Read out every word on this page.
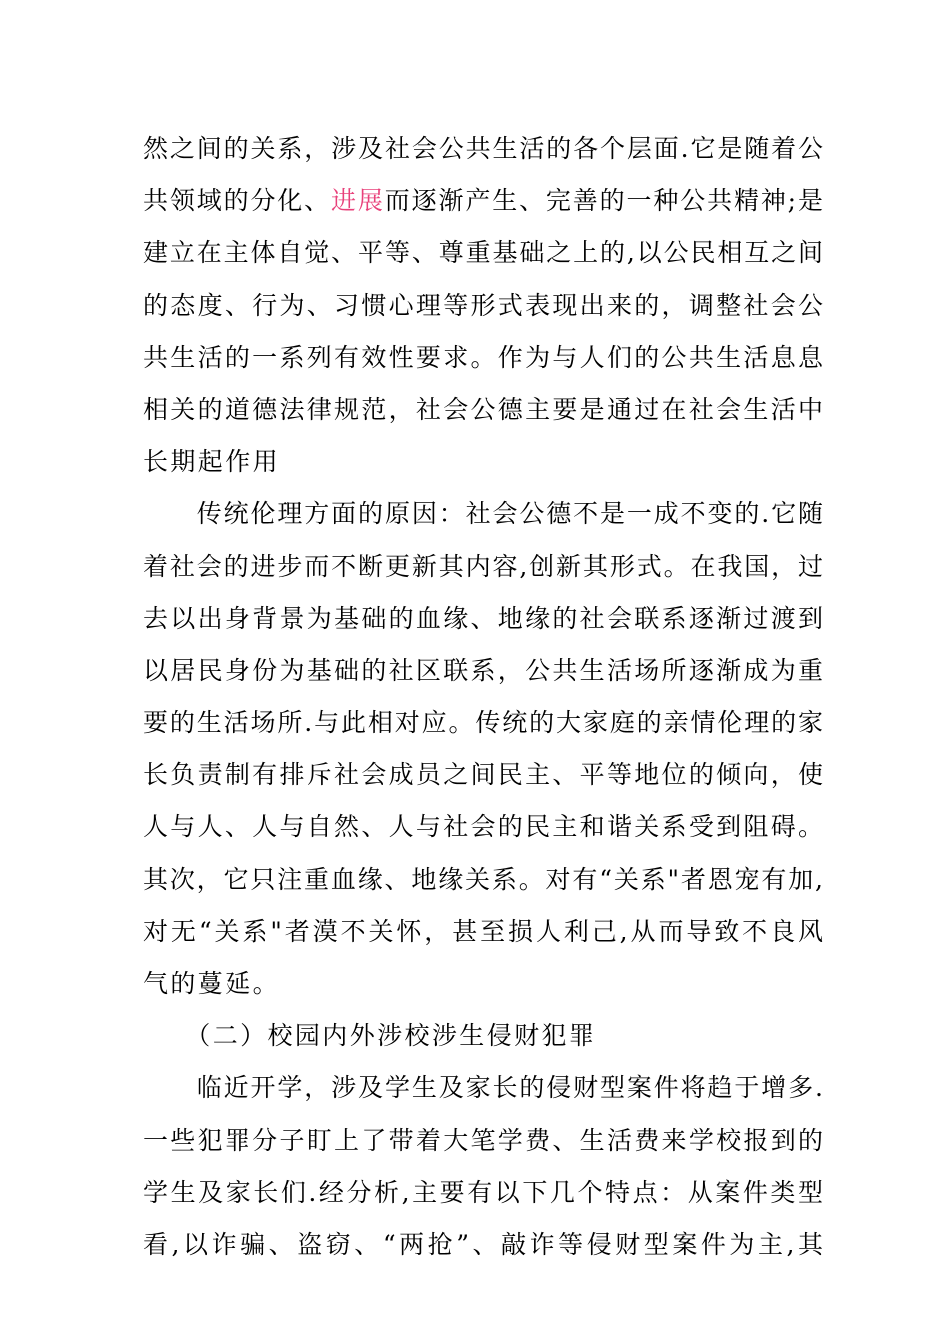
然之间的关系，涉及社会公共生活的各个层面.它是随着公
共领域的分化、进展而逐渐产生、完善的一种公共精神;是
建立在主体自觉、平等、尊重基础之上的,以公民相互之间
的态度、行为、习惯心理等形式表现出来的，调整社会公
共生活的一系列有效性要求。作为与人们的公共生活息息
相关的道德法律规范，社会公德主要是通过在社会生活中
长期起作用
　　传统伦理方面的原因：社会公德不是一成不变的.它随
着社会的进步而不断更新其内容,创新其形式。在我国，过
去以出身背景为基础的血缘、地缘的社会联系逐渐过渡到
以居民身份为基础的社区联系，公共生活场所逐渐成为重
要的生活场所.与此相对应。传统的大家庭的亲情伦理的家
长负责制有排斥社会成员之间民主、平等地位的倾向，使
人与人、人与自然、人与社会的民主和谐关系受到阻碍。
其次，它只注重血缘、地缘关系。对有“关系"者恩宠有加,
对无“关系"者漠不关怀，甚至损人利己,从而导致不良风
气的蔓延。
　　（二）校园内外涉校涉生侵财犯罪
　　临近开学，涉及学生及家长的侵财型案件将趋于增多.
一些犯罪分子盯上了带着大笔学费、生活费来学校报到的
学生及家长们.经分析,主要有以下几个特点：从案件类型
看,以诈骗、盗窃、“两抢”、敲诈等侵财型案件为主,其
